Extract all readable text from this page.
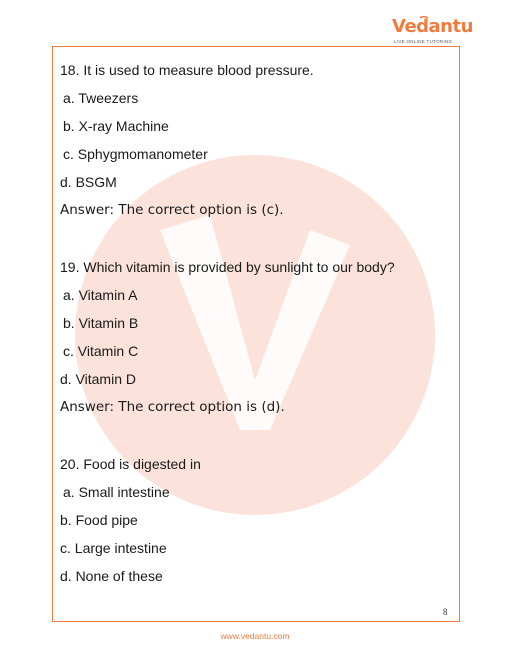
Vedantu
LIVE ONLINE TUTORING
18. It is used to measure blood pressure.
a. Tweezers
b. X-ray Machine
c. Sphygmomanometer
d. BSGM
Answer: The correct option is (c).
19. Which vitamin is provided by sunlight to our body?
a. Vitamin A
b. Vitamin B
c. Vitamin C
d. Vitamin D
Answer: The correct option is (d).
20. Food is digested in
a. Small intestine
b. Food pipe
c. Large intestine
d. None of these
8
www.vedantu.com
